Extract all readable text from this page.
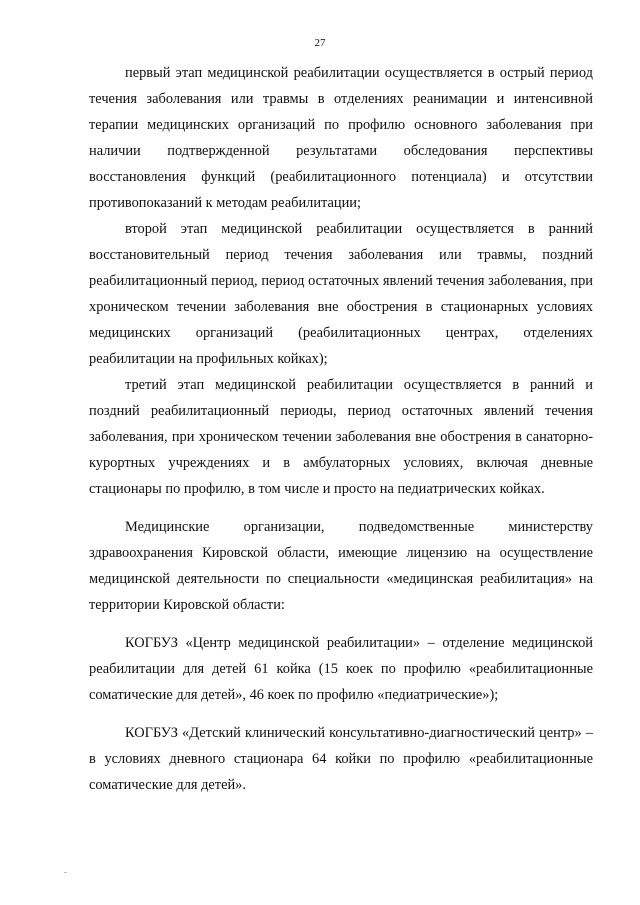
27

первый этап медицинской реабилитации осуществляется в острый период течения заболевания или травмы в отделениях реанимации и интенсивной терапии медицинских организаций по профилю основного заболевания при наличии подтвержденной результатами обследования перспективы восстановления функций (реабилитационного потенциала) и отсутствии противопоказаний к методам реабилитации;

второй этап медицинской реабилитации осуществляется в ранний восстановительный период течения заболевания или травмы, поздний реабилитационный период, период остаточных явлений течения заболевания, при хроническом течении заболевания вне обострения в стационарных условиях медицинских организаций (реабилитационных центрах, отделениях реабилитации на профильных койках);

третий этап медицинской реабилитации осуществляется в ранний и поздний реабилитационный периоды, период остаточных явлений течения заболевания, при хроническом течении заболевания вне обострения в санаторно-курортных учреждениях и в амбулаторных условиях, включая дневные стационары по профилю, в том числе и просто на педиатрических койках.

Медицинские организации, подведомственные министерству здравоохранения Кировской области, имеющие лицензию на осуществление медицинской деятельности по специальности «медицинская реабилитация» на территории Кировской области:

КОГБУЗ «Центр медицинской реабилитации» – отделение медицинской реабилитации для детей 61 койка (15 коек по профилю «реабилитационные соматические для детей», 46 коек по профилю «педиатрические»);

КОГБУЗ «Детский клинический консультативно-диагностический центр» – в условиях дневного стационара 64 койки по профилю «реабилитационные соматические для детей».
